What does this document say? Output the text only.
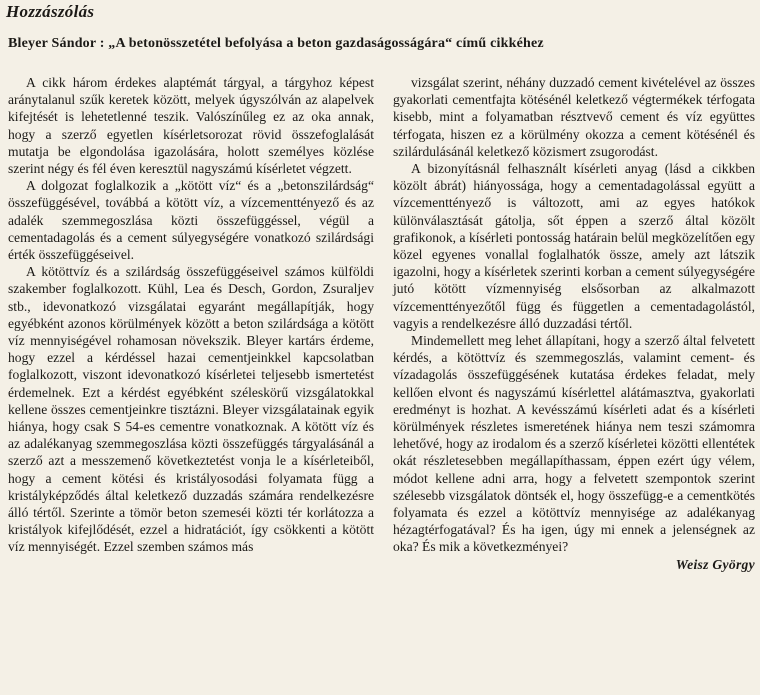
Hozzászólás
Bleyer Sándor : „A betonösszetétel befolyása a beton gazdaságosságára“ című cikkéhez

A cikk három érdekes alaptémát tárgyal, a tárgyhoz képest aránytalanul szűk keretek között, melyek úgyszólván az alapelvek kifejtését is lehetetlenné teszik. Valószínűleg ez az oka annak, hogy a szerző egyetlen kísérletsorozat rövid összefoglalását mutatja be elgondolása igazolására, holott személyes közlése szerint négy és fél éven keresztül nagyszámú kísérletet végzett.

A dolgozat foglalkozik a „kötött víz“ és a „betonszilárdság“ összefüggésével, továbbá a kötött víz, a vízcementtényező és az adalék szemmegoszlása közti összefüggéssel, végül a cementadagolás és a cement súlyegységére vonatkozó szilárdsági érték összefüggéseivel.

A kötöttvíz és a szilárdság összefüggéseivel számos külföldi szakember foglalkozott. Kühl, Lea és Desch, Gordon, Zsuraljev stb., idevonatkozó vizsgálatai egyaránt megállapítják, hogy egyébként azonos körülmények között a beton szilárdsága a kötött víz mennyiségével rohamosan növekszik. Bleyer kartárs érdeme, hogy ezzel a kérdéssel hazai cementjeinkkel kapcsolatban foglalkozott, viszont idevonatkozó kísérletei teljesebb ismertetést érdemelnek. Ezt a kérdést egyébként széleskörű vizsgálatokkal kellene összes cementjeinkre tisztázni. Bleyer vizsgálatainak egyik hiánya, hogy csak S 54-es cementre vonatkoznak. A kötött víz és az adalékanyag szemmegoszlása közti összefüggés tárgyalásánál a szerző azt a messzemenő következtetést vonja le a kísérleteiből, hogy a cement kötési és kristályosodási folyamata függ a kristályképződés által keletkező duzzadás számára rendelkezésre álló tértől. Szerinte a tömör beton szemeséi közti tér korlátozza a kristályok kifejlődését, ezzel a hidratációt, így csökkenti a kötött víz mennyiségét. Ezzel szemben számos más

vizsgálat szerint, néhány duzzadó cement kivételével az összes gyakorlati cementfajta kötésénél keletkező végtermékek térfogata kisebb, mint a folyamatban résztvevő cement és víz együttes térfogata, hiszen ez a körülmény okozza a cement kötésénél és szilárdulásánál keletkező közismert zsugorodást.

A bizonyításnál felhasznált kísérleti anyag (lásd a cikkben közölt ábrát) hiányossága, hogy a cementadagolással együtt a vízcementtényező is változott, ami az egyes hatókok különválasztását gátolja, sőt éppen a szerző által közölt grafikonok, a kísérleti pontosság határain belül megközelítően egy közel egyenes vonallal foglalhatók össze, amely azt látszik igazolni, hogy a kísérletek szerinti korban a cement súlyegységére jutó kötött vízmennyiség elsősorban az alkalmazott vízcementtényezőtől függ és független a cementadagolástól, vagyis a rendelkezésre álló duzzadási tértől.

Mindemellett meg lehet állapítani, hogy a szerző által felvetett kérdés, a kötöttvíz és szemmegoszlás, valamint cement- és vízadagolás összefüggésének kutatása érdekes feladat, mely kellően elvont és nagyszámú kísérlettel alátámasztva, gyakorlati eredményt is hozhat. A kevésszámú kísérleti adat és a kísérleti körülmények részletes ismeretének hiánya nem teszi számomra lehetővé, hogy az irodalom és a szerző kísérletei közötti ellentétek okát részletesebben megállapíthassam, éppen ezért úgy vélem, módot kellene adni arra, hogy a felvetett szempontok szerint szélesebb vizsgálatok döntsék el, hogy összefügg-e a cementkötés folyamata és ezzel a kötöttvíz mennyisége az adalékanyag hézagtérfogatával? És ha igen, úgy mi ennek a jelenségnek az oka? És mik a következményei?

Weisz György
